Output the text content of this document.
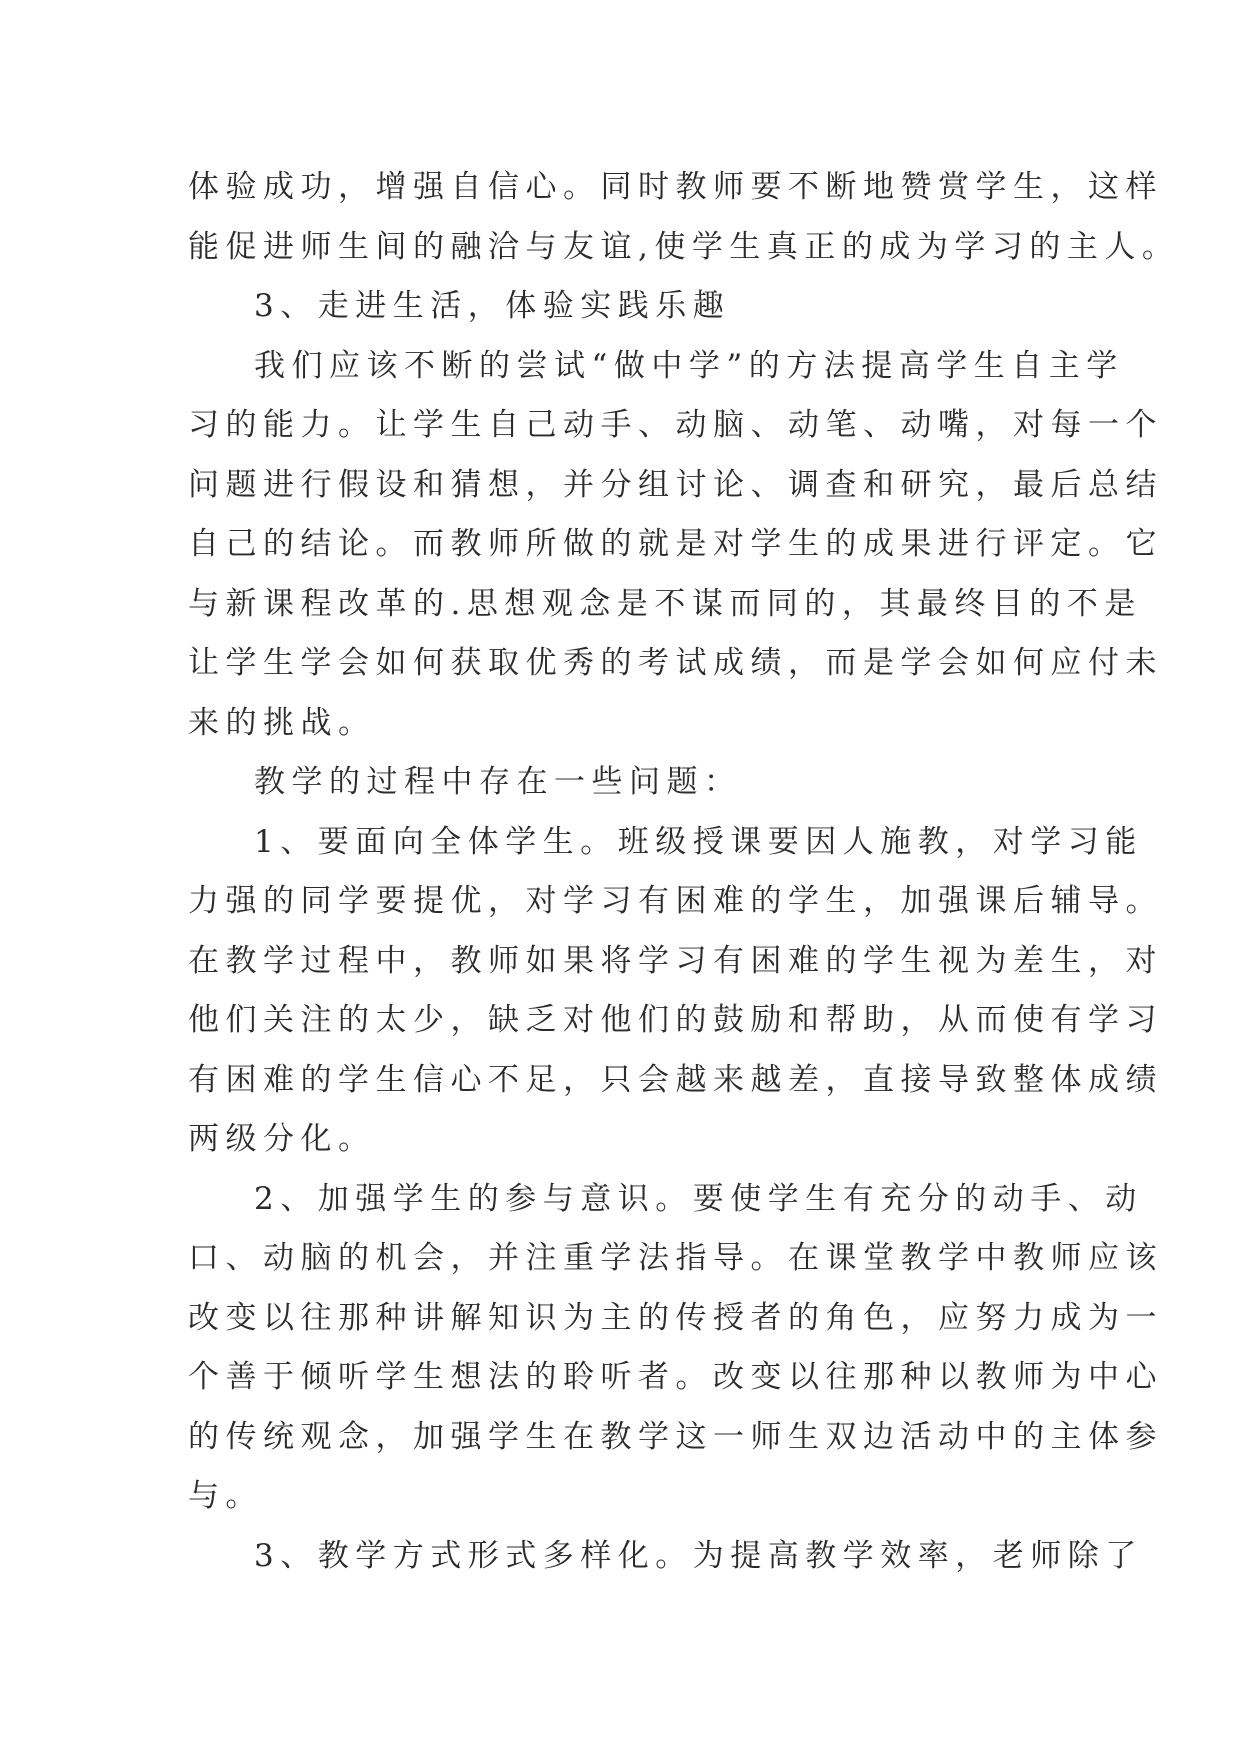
体验成功，增强自信心。同时教师要不断地赞赏学生，这样
能促进师生间的融洽与友谊,使学生真正的成为学习的主人。
3、走进生活，体验实践乐趣
我们应该不断的尝试“做中学”的方法提高学生自主学
习的能力。让学生自己动手、动脑、动笔、动嘴，对每一个
问题进行假设和猜想，并分组讨论、调查和研究，最后总结
自己的结论。而教师所做的就是对学生的成果进行评定。它
与新课程改革的.思想观念是不谋而同的，其最终目的不是
让学生学会如何获取优秀的考试成绩，而是学会如何应付未
来的挑战。
教学的过程中存在一些问题：
1、要面向全体学生。班级授课要因人施教，对学习能
力强的同学要提优，对学习有困难的学生，加强课后辅导。
在教学过程中，教师如果将学习有困难的学生视为差生，对
他们关注的太少，缺乏对他们的鼓励和帮助，从而使有学习
有困难的学生信心不足，只会越来越差，直接导致整体成绩
两级分化。
2、加强学生的参与意识。要使学生有充分的动手、动
口、动脑的机会，并注重学法指导。在课堂教学中教师应该
改变以往那种讲解知识为主的传授者的角色，应努力成为一
个善于倾听学生想法的聆听者。改变以往那种以教师为中心
的传统观念，加强学生在教学这一师生双边活动中的主体参
与。
3、教学方式形式多样化。为提高教学效率，老师除了
